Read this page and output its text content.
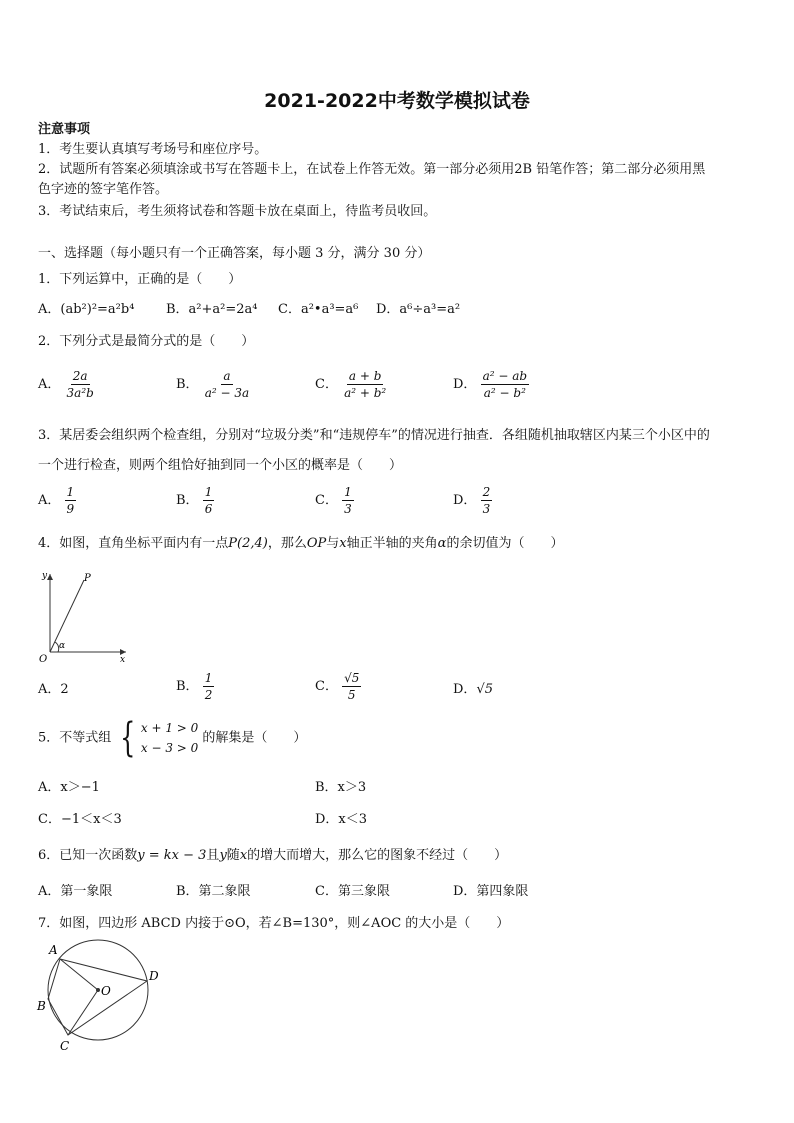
2021-2022中考数学模拟试卷
注意事项
1．考生要认真填写考场号和座位序号。
2．试题所有答案必须填涂或书写在答题卡上，在试卷上作答无效。第一部分必须用2B 铅笔作答；第二部分必须用黑
色字迹的签字笔作答。
3．考试结束后，考生须将试卷和答题卡放在桌面上，待监考员收回。
一、选择题（每小题只有一个正确答案，每小题 3 分，满分 30 分）
1．下列运算中，正确的是（　　）
A．(ab²)²=a²b⁴ B．a²+a²=2a⁴ C．a²•a³=a⁶ D．a⁶÷a³=a²
2．下列分式是最简分式的是（　　）
A． $\frac{2a}{\text{3a²b}}$	B． $\frac{a}{\text{a² − 3a}}$	C． $\frac{a + b}{\text{a² + b²}}$	D． $\frac{\text{a² − ab}}{\text{a² − b²}}$
3．某居委会组织两个检查组，分别对“垃圾分类”和“违规停车”的情况进行抽查．各组随机抽取辖区内某三个小区中的
一个进行检查，则两个组恰好抽到同一个小区的概率是（　　）
A． $\frac{1}{9}$	B． $\frac{1}{6}$	C． $\frac{1}{3}$	D． $\frac{2}{3}$
4．如图，直角坐标平面内有一点P(2,4)，那么OP与x轴正半轴的夹角α的余切值为（　　）
y	P
O	x
α
A．2	B． $\frac{1}{2}$	C． $\frac{√5}{5}$	D．√5
5．不等式组 { x + 1 > 0
x − 3 > 0
的解集是（　　）
A．x＞−1	B．x＞3
C．−1＜x＜3	D．x＜3
6．已知一次函数y = kx − 3且y随x的增大而增大，那么它的图象不经过（　　）
A．第一象限	B．第二象限	C．第三象限	D．第四象限
7．如图，四边形 ABCD 内接于⊙O，若∠B=130°，则∠AOC 的大小是（　　）
A
B
C
D
O
